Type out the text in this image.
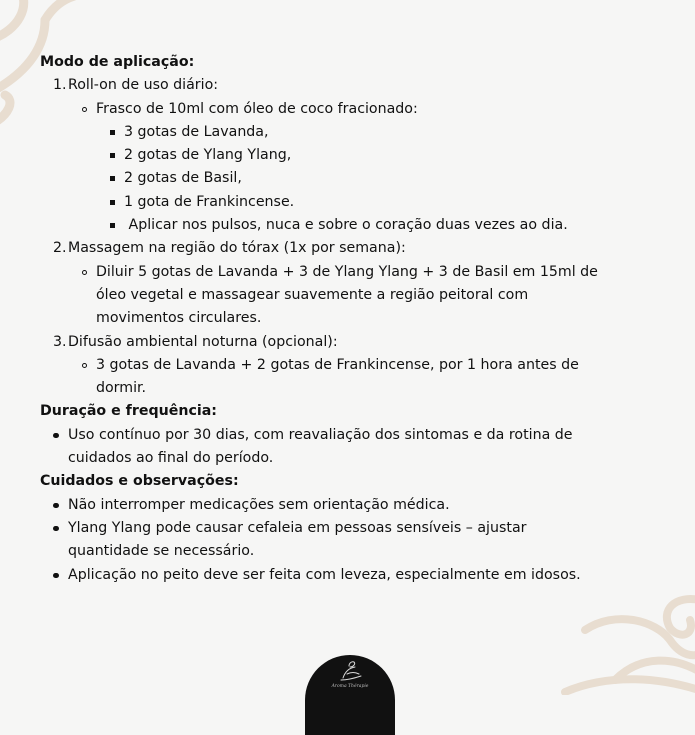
Modo de aplicação:
1. Roll-on de uso diário:
Frasco de 10ml com óleo de coco fracionado:
3 gotas de Lavanda,
2 gotas de Ylang Ylang,
2 gotas de Basil,
1 gota de Frankincense.
Aplicar nos pulsos, nuca e sobre o coração duas vezes ao dia.
2. Massagem na região do tórax (1x por semana):
Diluir 5 gotas de Lavanda + 3 de Ylang Ylang + 3 de Basil em 15ml de
óleo vegetal e massagear suavemente a região peitoral com
movimentos circulares.
3. Difusão ambiental noturna (opcional):
3 gotas de Lavanda + 2 gotas de Frankincense, por 1 hora antes de
dormir.
Duração e frequência:
Uso contínuo por 30 dias, com reavaliação dos sintomas e da rotina de
cuidados ao final do período.
Cuidados e observações:
Não interromper medicações sem orientação médica.
Ylang Ylang pode causar cefaleia em pessoas sensíveis – ajustar
quantidade se necessário.
Aplicação no peito deve ser feita com leveza, especialmente em idosos.
Aroma Thérapie
